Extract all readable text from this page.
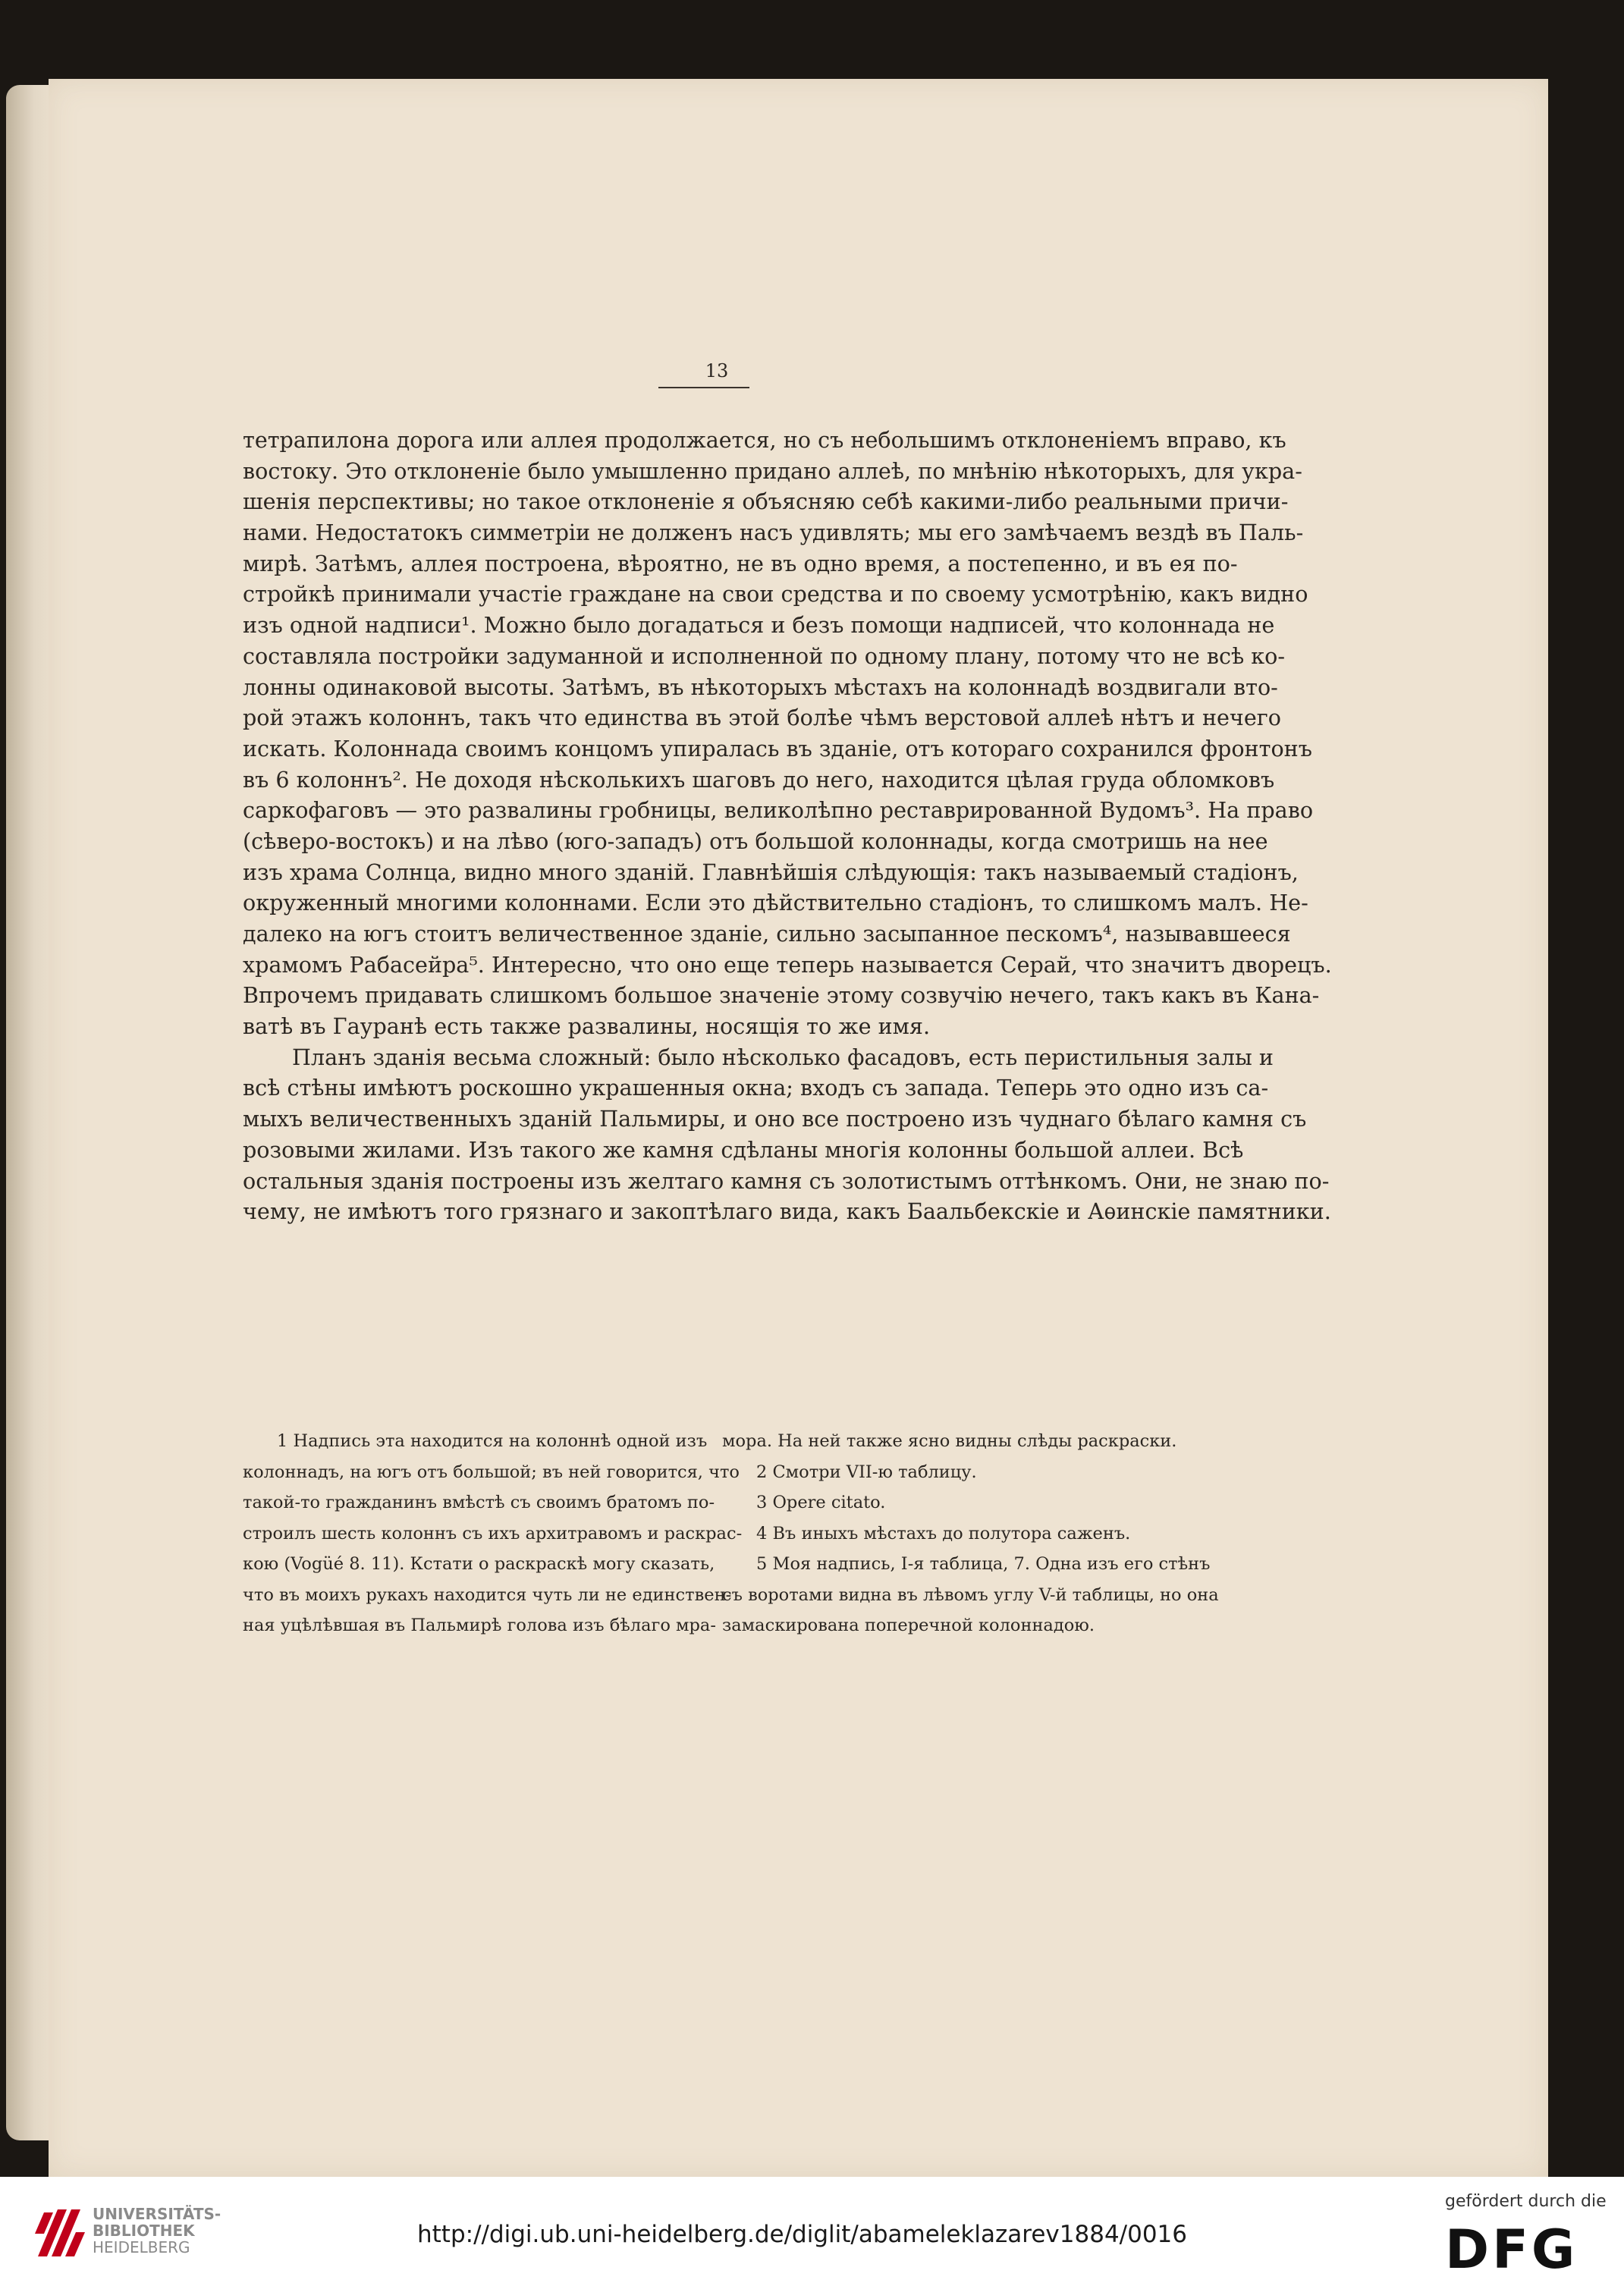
13
тетрапилона дорога или аллея продолжается, но съ небольшимъ отклоненіемъ вправо, къ
востоку. Это отклоненіе было умышленно придано аллеѣ, по мнѣнію нѣкоторыхъ, для укра-
шенія перспективы; но такое отклоненіе я объясняю себѣ какими-либо реальными причи-
нами. Недостатокъ симметріи не долженъ насъ удивлять; мы его замѣчаемъ вездѣ въ Паль-
мирѣ. Затѣмъ, аллея построена, вѣроятно, не въ одно время, а постепенно, и въ ея по-
стройкѣ принимали участіе граждане на свои средства и по своему усмотрѣнію, какъ видно
изъ одной надписи¹. Можно было догадаться и безъ помощи надписей, что колоннада не
составляла постройки задуманной и исполненной по одному плану, потому что не всѣ ко-
лонны одинаковой высоты. Затѣмъ, въ нѣкоторыхъ мѣстахъ на колоннадѣ воздвигали вто-
рой этажъ колоннъ, такъ что единства въ этой болѣе чѣмъ верстовой аллеѣ нѣтъ и нечего
искать. Колоннада своимъ концомъ упиралась въ зданіе, отъ котораго сохранился фронтонъ
въ 6 колоннъ². Не доходя нѣсколькихъ шаговъ до него, находится цѣлая груда обломковъ
саркофаговъ — это развалины гробницы, великолѣпно реставрированной Вудомъ³. На право
(сѣверо-востокъ) и на лѣво (юго-западъ) отъ большой колоннады, когда смотришь на нее
изъ храма Солнца, видно много зданій. Главнѣйшія слѣдующія: такъ называемый стадіонъ,
окруженный многими колоннами. Если это дѣйствительно стадіонъ, то слишкомъ малъ. Не-
далеко на югъ стоитъ величественное зданіе, сильно засыпанное пескомъ⁴, называвшееся
храмомъ Рабасейра⁵. Интересно, что оно еще теперь называется Серай, что значитъ дворецъ.
Впрочемъ придавать слишкомъ большое значеніе этому созвучію нечего, такъ какъ въ Кана-
ватѣ въ Гауранѣ есть также развалины, носящія то же имя.
Планъ зданія весьма сложный: было нѣсколько фасадовъ, есть перистильныя залы и
всѣ стѣны имѣютъ роскошно украшенныя окна; входъ съ запада. Теперь это одно изъ са-
мыхъ величественныхъ зданій Пальмиры, и оно все построено изъ чуднаго бѣлаго камня съ
розовыми жилами. Изъ такого же камня сдѣланы многія колонны большой аллеи. Всѣ
остальныя зданія построены изъ желтаго камня съ золотистымъ оттѣнкомъ. Они, не знаю по-
чему, не имѣютъ того грязнаго и закоптѣлаго вида, какъ Баальбекскіе и Аѳинскіе памятники.
1 Надпись эта находится на колоннѣ одной изъ
колоннадъ, на югъ отъ большой; въ ней говорится, что
такой-то гражданинъ вмѣстѣ съ своимъ братомъ по-
строилъ шесть колоннъ съ ихъ архитравомъ и раскрас-
кою (Vogüé 8. 11). Кстати о раскраскѣ могу сказать,
что въ моихъ рукахъ находится чуть ли не единствен-
ная уцѣлѣвшая въ Пальмирѣ голова изъ бѣлаго мра-
мора. На ней также ясно видны слѣды раскраски.
2 Смотри VII-ю таблицу.
3 Opere citato.
4 Въ иныхъ мѣстахъ до полутора саженъ.
5 Моя надпись, I-я таблица, 7. Одна изъ его стѣнъ
съ воротами видна въ лѣвомъ углу V-й таблицы, но она
замаскирована поперечной колоннадою.
UNIVERSITÄTS-
BIBLIOTHEK
HEIDELBERG	http://digi.ub.uni-heidelberg.de/diglit/abameleklazarev1884/0016
gefördert durch die
DFG
